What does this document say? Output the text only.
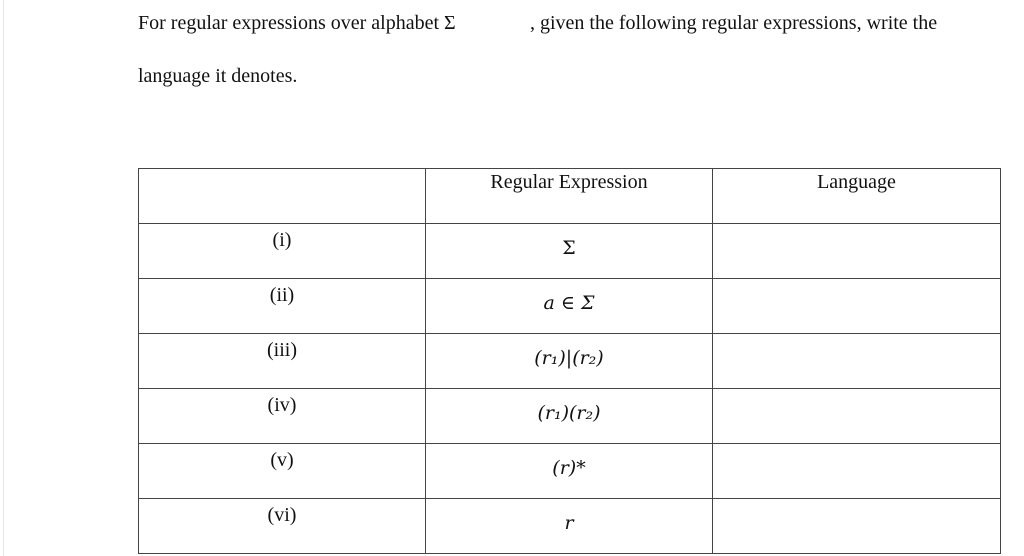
For regular expressions over alphabet Σ	, given the following regular expressions, write the
language it denotes.

	Regular Expression	Language

(i)	Σ	

(ii)	a ∈ Σ	

(iii)	(r₁)|(r₂)	

(iv)	(r₁)(r₂)	

(v)	(r)*	

(vi)	r	
